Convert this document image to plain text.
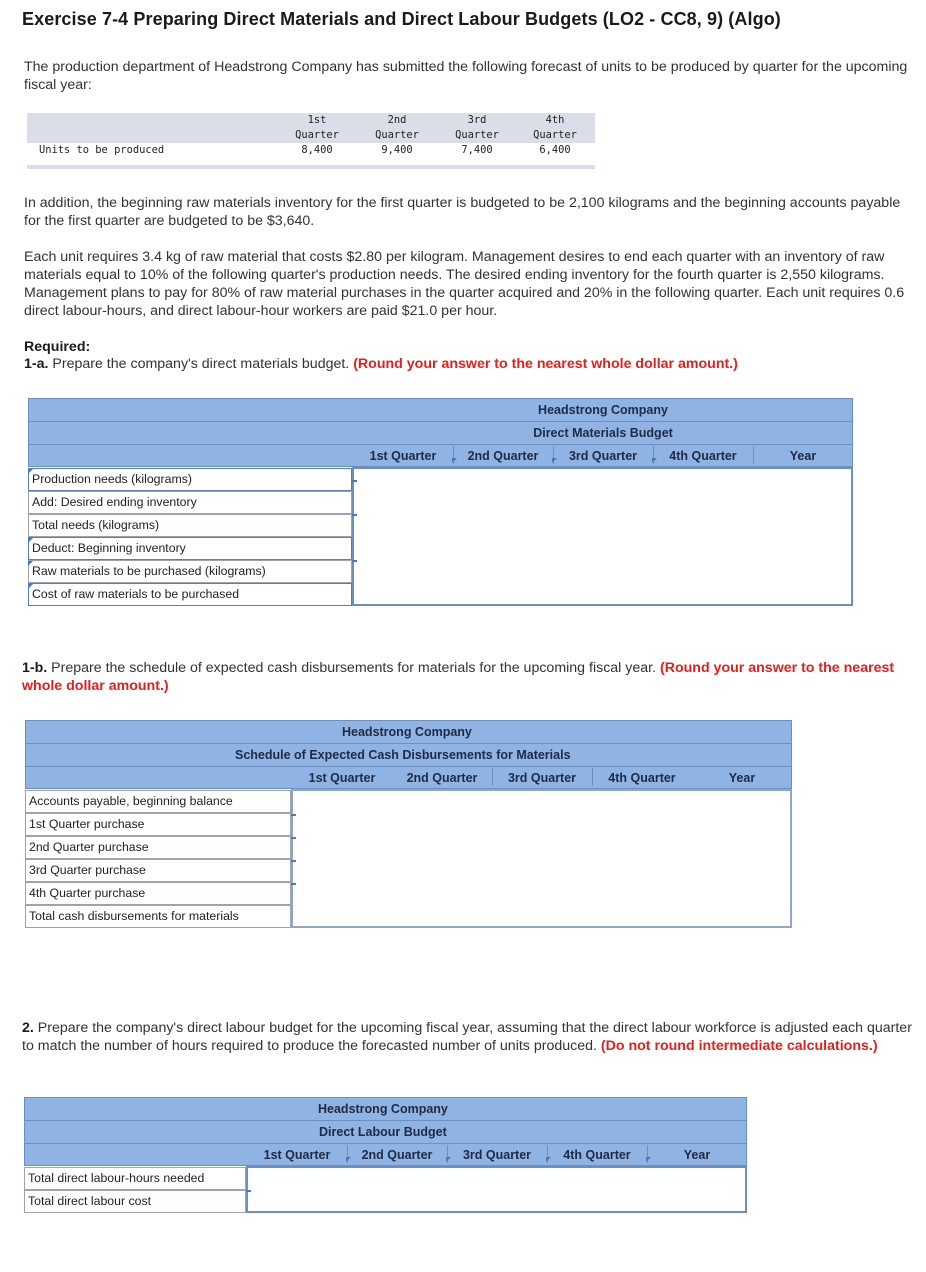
Exercise 7-4 Preparing Direct Materials and Direct Labour Budgets (LO2 - CC8, 9) (Algo)
The production department of Headstrong Company has submitted the following forecast of units to be produced by quarter for the upcoming fiscal year:
1st
Quarter
2nd
Quarter
3rd
Quarter
4th
Quarter
Units to be produced	8,400	9,400	7,400	6,400
In addition, the beginning raw materials inventory for the first quarter is budgeted to be 2,100 kilograms and the beginning accounts payable for the first quarter are budgeted to be $3,640.
Each unit requires 3.4 kg of raw material that costs $2.80 per kilogram. Management desires to end each quarter with an inventory of raw materials equal to 10% of the following quarter's production needs. The desired ending inventory for the fourth quarter is 2,550 kilograms. Management plans to pay for 80% of raw material purchases in the quarter acquired and 20% in the following quarter. Each unit requires 0.6 direct labour-hours, and direct labour-hour workers are paid $21.0 per hour.
Required:
1-a. Prepare the company's direct materials budget. (Round your answer to the nearest whole dollar amount.)
Headstrong Company
Direct Materials Budget
1st Quarter	2nd Quarter	3rd Quarter	4th Quarter	Year
Production needs (kilograms)
Add: Desired ending inventory
Total needs (kilograms)
Deduct: Beginning inventory
Raw materials to be purchased (kilograms)
Cost of raw materials to be purchased
1-b. Prepare the schedule of expected cash disbursements for materials for the upcoming fiscal year. (Round your answer to the nearest whole dollar amount.)
Headstrong Company
Schedule of Expected Cash Disbursements for Materials
1st Quarter	2nd Quarter	3rd Quarter	4th Quarter	Year
Accounts payable, beginning balance
1st Quarter purchase
2nd Quarter purchase
3rd Quarter purchase
4th Quarter purchase
Total cash disbursements for materials
2. Prepare the company's direct labour budget for the upcoming fiscal year, assuming that the direct labour workforce is adjusted each quarter to match the number of hours required to produce the forecasted number of units produced. (Do not round intermediate calculations.)
Headstrong Company
Direct Labour Budget
1st Quarter	2nd Quarter	3rd Quarter	4th Quarter	Year
Total direct labour-hours needed
Total direct labour cost
